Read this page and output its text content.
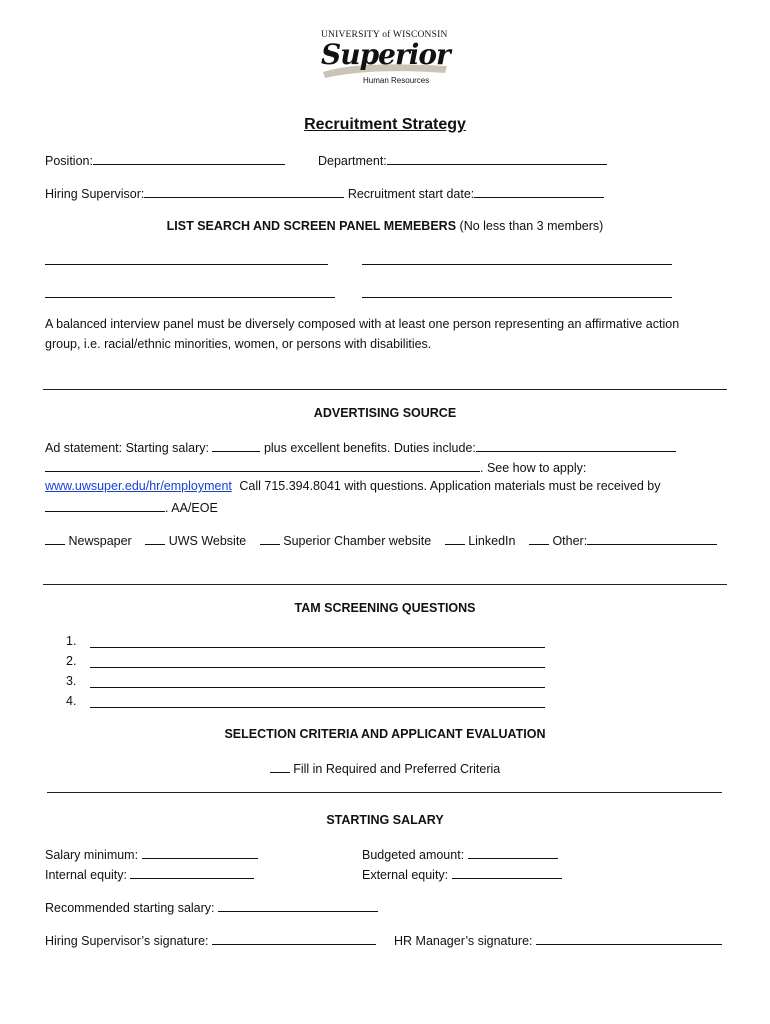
UNIVERSITY of WISCONSIN
Superior
Human Resources
Recruitment Strategy
Position:	Department:
Hiring Supervisor:	Recruitment start date:
LIST SEARCH AND SCREEN PANEL MEMEBERS (No less than 3 members)
A balanced interview panel must be diversely composed with at least one person representing an affirmative action
group, i.e. racial/ethnic minorities, women, or persons with disabilities.
ADVERTISING SOURCE
Ad statement: Starting salary:	plus excellent benefits. Duties include:
. See how to apply:
www.uwsuper.edu/hr/employment Call 715.394.8041 with questions. Application materials must be received by
. AA/EOE
Newspaper	UWS Website	Superior Chamber website	LinkedIn	Other:
TAM SCREENING QUESTIONS
1.
2.
3.
4.
SELECTION CRITERIA AND APPLICANT EVALUATION
Fill in Required and Preferred Criteria
STARTING SALARY
Salary minimum:	Budgeted amount:
Internal equity:	External equity:
Recommended starting salary:
Hiring Supervisor’s signature:	HR Manager’s signature:
